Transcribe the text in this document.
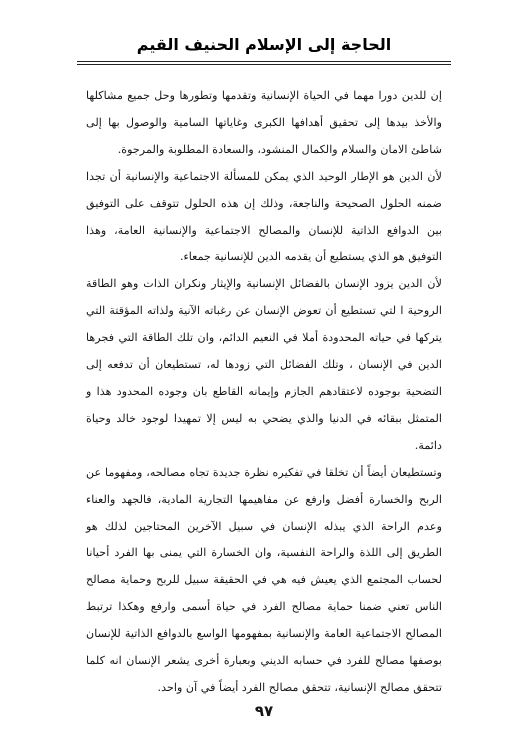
الحاجة إلى الإسلام الحنيف القيم

إن للدين دورا مهما في الحياة الإنسانية وتقدمها وتطورها وحل جميع مشاكلها والأخذ بيدها إلى تحقيق أهدافها الكبرى وغاياتها السامية والوصول بها إلى شاطئ الامان والسلام والكمال المنشود، والسعادة المطلوبة والمرجوة.

لأن الدين هو الإطار الوحيد الذي يمكن للمسألة الاجتماعية والإنسانية أن تجدا ضمنه الحلول الصحيحة والناجعة، وذلك إن هذه الحلول تتوقف على التوفيق بين الدوافع الذاتية للإنسان والمصالح الاجتماعية والإنسانية العامة، وهذا التوفيق هو الذي يستطيع أن يقدمه الدين للإنسانية جمعاء.

لأن الدين يزود الإنسان بالفضائل الإنسانية والإيثار ونكران الذات وهو الطاقة الروحية ا لتي تستطيع أن تعوض الإنسان عن رغباته الآنية ولذاته المؤقتة التي يتركها في حياته المحدودة أملا في النعيم الدائم، وان تلك الطاقة التي فجرها الدين في الإنسان ، وتلك الفضائل التي زودها له، تستطيعان أن تدفعه إلى التضحية بوجوده لاعتقادهم الجازم وإيمانه القاطع بان وجوده المحدود هذا و المتمثل ببقائه في الدنيا والذي يضحي به ليس إلا تمهيدا لوجود خالد وحياة دائمة.

وتستطيعان أيضاً أن تخلقا في تفكيره نظرة جديدة تجاه مصالحه، ومفهوما عن الربح والخسارة أفضل وارفع عن مفاهيمها التجارية المادية، فالجهد والعناء وعدم الراحة الذي يبذله الإنسان في سبيل الآخرين المحتاجين لذلك هو الطريق إلى اللذة والراحة النفسية، وان الخسارة التي يمنى بها الفرد أحيانا لحساب المجتمع الذي يعيش فيه هي في الحقيقة سبيل للربح وحماية مصالح الناس تعني ضمنا حماية مصالح الفرد في حياة أسمى وارفع وهكذا ترتبط المصالح الاجتماعية العامة والإنسانية بمفهومها الواسع بالدوافع الذاتية للإنسان بوصفها مصالح للفرد في حسابه الديني وبعبارة أخرى يشعر الإنسان انه كلما تتحقق مصالح الإنسانية، تتحقق مصالح الفرد أيضاً في آن واحد.

٩٧
